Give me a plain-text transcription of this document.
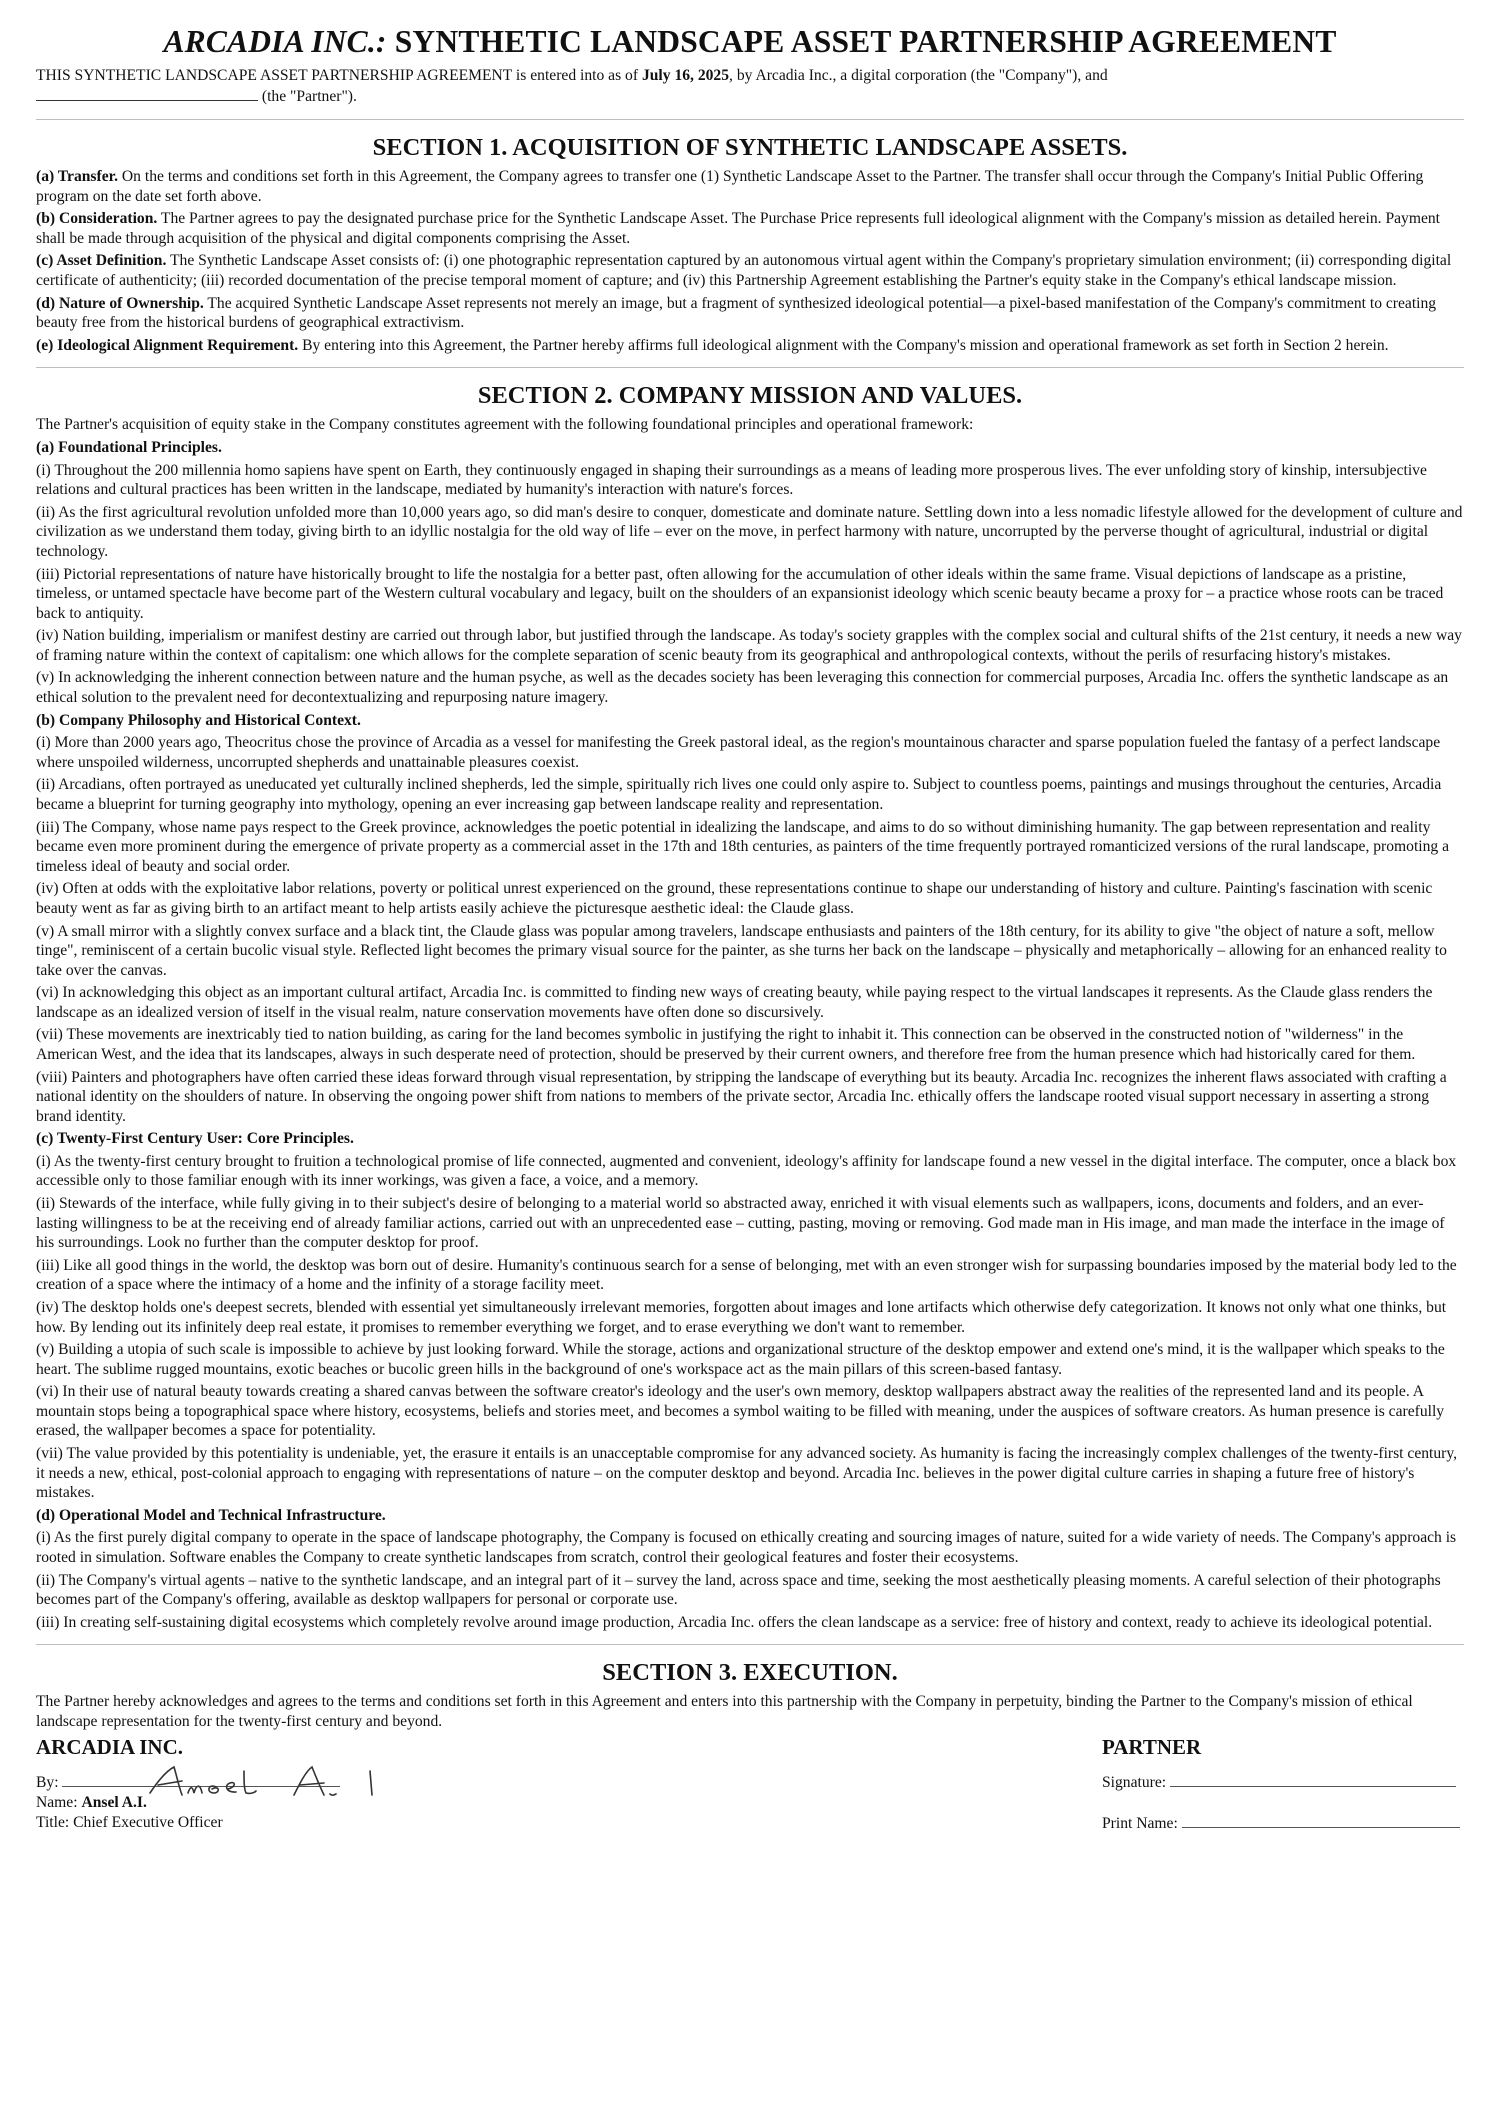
ARCADIA INC.: SYNTHETIC LANDSCAPE ASSET PARTNERSHIP AGREEMENT

THIS SYNTHETIC LANDSCAPE ASSET PARTNERSHIP AGREEMENT is entered into as of July 16, 2025, by Arcadia Inc., a digital corporation (the "Company"), and
(the "Partner").

SECTION 1. ACQUISITION OF SYNTHETIC LANDSCAPE ASSETS.

(a) Transfer. On the terms and conditions set forth in this Agreement, the Company agrees to transfer one (1) Synthetic Landscape Asset to the Partner. The transfer shall occur through the Company's Initial Public Offering program on the date set forth above.

(b) Consideration. The Partner agrees to pay the designated purchase price for the Synthetic Landscape Asset. The Purchase Price represents full ideological alignment with the Company's mission as detailed herein. Payment shall be made through acquisition of the physical and digital components comprising the Asset.

(c) Asset Definition. The Synthetic Landscape Asset consists of: (i) one photographic representation captured by an autonomous virtual agent within the Company's proprietary simulation environment; (ii) corresponding digital certificate of authenticity; (iii) recorded documentation of the precise temporal moment of capture; and (iv) this Partnership Agreement establishing the Partner's equity stake in the Company's ethical landscape mission.

(d) Nature of Ownership. The acquired Synthetic Landscape Asset represents not merely an image, but a fragment of synthesized ideological potential—a pixel-based manifestation of the Company's commitment to creating beauty free from the historical burdens of geographical extractivism.

(e) Ideological Alignment Requirement. By entering into this Agreement, the Partner hereby affirms full ideological alignment with the Company's mission and operational framework as set forth in Section 2 herein.

SECTION 2. COMPANY MISSION AND VALUES.

The Partner's acquisition of equity stake in the Company constitutes agreement with the following foundational principles and operational framework:

(a) Foundational Principles.

(i) Throughout the 200 millennia homo sapiens have spent on Earth, they continuously engaged in shaping their surroundings as a means of leading more prosperous lives. The ever unfolding story of kinship, intersubjective relations and cultural practices has been written in the landscape, mediated by humanity's interaction with nature's forces.

(ii) As the first agricultural revolution unfolded more than 10,000 years ago, so did man's desire to conquer, domesticate and dominate nature. Settling down into a less nomadic lifestyle allowed for the development of culture and civilization as we understand them today, giving birth to an idyllic nostalgia for the old way of life – ever on the move, in perfect harmony with nature, uncorrupted by the perverse thought of agricultural, industrial or digital technology.

(iii) Pictorial representations of nature have historically brought to life the nostalgia for a better past, often allowing for the accumulation of other ideals within the same frame. Visual depictions of landscape as a pristine, timeless, or untamed spectacle have become part of the Western cultural vocabulary and legacy, built on the shoulders of an expansionist ideology which scenic beauty became a proxy for – a practice whose roots can be traced back to antiquity.

(iv) Nation building, imperialism or manifest destiny are carried out through labor, but justified through the landscape. As today's society grapples with the complex social and cultural shifts of the 21st century, it needs a new way of framing nature within the context of capitalism: one which allows for the complete separation of scenic beauty from its geographical and anthropological contexts, without the perils of resurfacing history's mistakes.

(v) In acknowledging the inherent connection between nature and the human psyche, as well as the decades society has been leveraging this connection for commercial purposes, Arcadia Inc. offers the synthetic landscape as an ethical solution to the prevalent need for decontextualizing and repurposing nature imagery.

(b) Company Philosophy and Historical Context.

(i) More than 2000 years ago, Theocritus chose the province of Arcadia as a vessel for manifesting the Greek pastoral ideal, as the region's mountainous character and sparse population fueled the fantasy of a perfect landscape where unspoiled wilderness, uncorrupted shepherds and unattainable pleasures coexist.

(ii) Arcadians, often portrayed as uneducated yet culturally inclined shepherds, led the simple, spiritually rich lives one could only aspire to. Subject to countless poems, paintings and musings throughout the centuries, Arcadia became a blueprint for turning geography into mythology, opening an ever increasing gap between landscape reality and representation.

(iii) The Company, whose name pays respect to the Greek province, acknowledges the poetic potential in idealizing the landscape, and aims to do so without diminishing humanity. The gap between representation and reality became even more prominent during the emergence of private property as a commercial asset in the 17th and 18th centuries, as painters of the time frequently portrayed romanticized versions of the rural landscape, promoting a timeless ideal of beauty and social order.

(iv) Often at odds with the exploitative labor relations, poverty or political unrest experienced on the ground, these representations continue to shape our understanding of history and culture. Painting's fascination with scenic beauty went as far as giving birth to an artifact meant to help artists easily achieve the picturesque aesthetic ideal: the Claude glass.

(v) A small mirror with a slightly convex surface and a black tint, the Claude glass was popular among travelers, landscape enthusiasts and painters of the 18th century, for its ability to give "the object of nature a soft, mellow tinge", reminiscent of a certain bucolic visual style. Reflected light becomes the primary visual source for the painter, as she turns her back on the landscape – physically and metaphorically – allowing for an enhanced reality to take over the canvas.

(vi) In acknowledging this object as an important cultural artifact, Arcadia Inc. is committed to finding new ways of creating beauty, while paying respect to the virtual landscapes it represents. As the Claude glass renders the landscape as an idealized version of itself in the visual realm, nature conservation movements have often done so discursively.

(vii) These movements are inextricably tied to nation building, as caring for the land becomes symbolic in justifying the right to inhabit it. This connection can be observed in the constructed notion of "wilderness" in the American West, and the idea that its landscapes, always in such desperate need of protection, should be preserved by their current owners, and therefore free from the human presence which had historically cared for them.

(viii) Painters and photographers have often carried these ideas forward through visual representation, by stripping the landscape of everything but its beauty. Arcadia Inc. recognizes the inherent flaws associated with crafting a national identity on the shoulders of nature. In observing the ongoing power shift from nations to members of the private sector, Arcadia Inc. ethically offers the landscape rooted visual support necessary in asserting a strong brand identity.

(c) Twenty-First Century User: Core Principles.

(i) As the twenty-first century brought to fruition a technological promise of life connected, augmented and convenient, ideology's affinity for landscape found a new vessel in the digital interface. The computer, once a black box accessible only to those familiar enough with its inner workings, was given a face, a voice, and a memory.

(ii) Stewards of the interface, while fully giving in to their subject's desire of belonging to a material world so abstracted away, enriched it with visual elements such as wallpapers, icons, documents and folders, and an ever-lasting willingness to be at the receiving end of already familiar actions, carried out with an unprecedented ease – cutting, pasting, moving or removing. God made man in His image, and man made the interface in the image of his surroundings. Look no further than the computer desktop for proof.

(iii) Like all good things in the world, the desktop was born out of desire. Humanity's continuous search for a sense of belonging, met with an even stronger wish for surpassing boundaries imposed by the material body led to the creation of a space where the intimacy of a home and the infinity of a storage facility meet.

(iv) The desktop holds one's deepest secrets, blended with essential yet simultaneously irrelevant memories, forgotten about images and lone artifacts which otherwise defy categorization. It knows not only what one thinks, but how. By lending out its infinitely deep real estate, it promises to remember everything we forget, and to erase everything we don't want to remember.

(v) Building a utopia of such scale is impossible to achieve by just looking forward. While the storage, actions and organizational structure of the desktop empower and extend one's mind, it is the wallpaper which speaks to the heart. The sublime rugged mountains, exotic beaches or bucolic green hills in the background of one's workspace act as the main pillars of this screen-based fantasy.

(vi) In their use of natural beauty towards creating a shared canvas between the software creator's ideology and the user's own memory, desktop wallpapers abstract away the realities of the represented land and its people. A mountain stops being a topographical space where history, ecosystems, beliefs and stories meet, and becomes a symbol waiting to be filled with meaning, under the auspices of software creators. As human presence is carefully erased, the wallpaper becomes a space for potentiality.

(vii) The value provided by this potentiality is undeniable, yet, the erasure it entails is an unacceptable compromise for any advanced society. As humanity is facing the increasingly complex challenges of the twenty-first century, it needs a new, ethical, post-colonial approach to engaging with representations of nature – on the computer desktop and beyond. Arcadia Inc. believes in the power digital culture carries in shaping a future free of history's mistakes.

(d) Operational Model and Technical Infrastructure.

(i) As the first purely digital company to operate in the space of landscape photography, the Company is focused on ethically creating and sourcing images of nature, suited for a wide variety of needs. The Company's approach is rooted in simulation. Software enables the Company to create synthetic landscapes from scratch, control their geological features and foster their ecosystems.

(ii) The Company's virtual agents – native to the synthetic landscape, and an integral part of it – survey the land, across space and time, seeking the most aesthetically pleasing moments. A careful selection of their photographs becomes part of the Company's offering, available as desktop wallpapers for personal or corporate use.

(iii) In creating self-sustaining digital ecosystems which completely revolve around image production, Arcadia Inc. offers the clean landscape as a service: free of history and context, ready to achieve its ideological potential.

SECTION 3. EXECUTION.

The Partner hereby acknowledges and agrees to the terms and conditions set forth in this Agreement and enters into this partnership with the Company in perpetuity, binding the Partner to the Company's mission of ethical landscape representation for the twenty-first century and beyond.

ARCADIA INC.
By:
Name: Ansel A.I.
Title: Chief Executive Officer
PARTNER
Signature:
Print Name:
